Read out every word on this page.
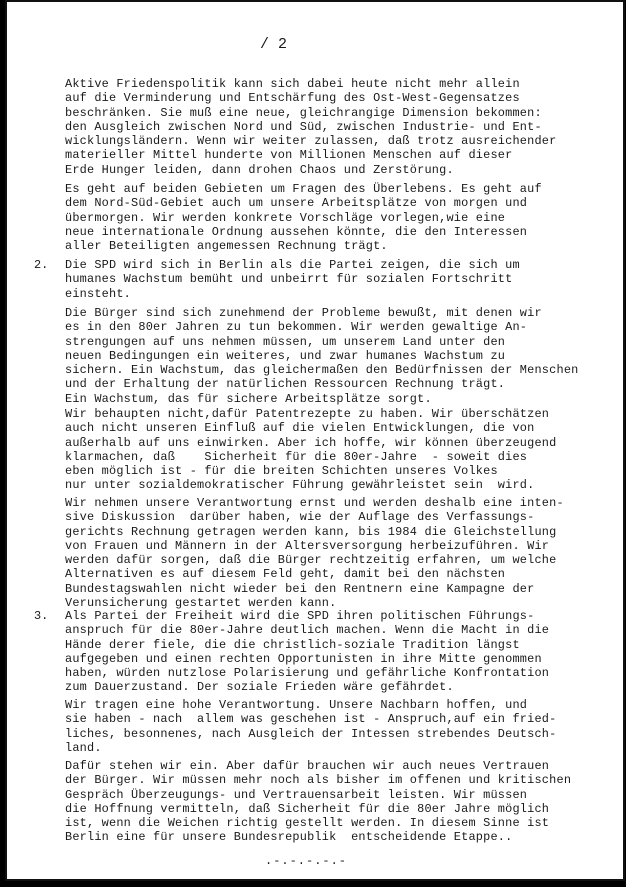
/ 2

Aktive Friedenspolitik kann sich dabei heute nicht mehr allein
auf die Verminderung und Entschärfung des Ost-West-Gegensatzes
beschränken. Sie muß eine neue, gleichrangige Dimension bekommen:
den Ausgleich zwischen Nord und Süd, zwischen Industrie- und Ent-
wicklungsländern. Wenn wir weiter zulassen, daß trotz ausreichender
materieller Mittel hunderte von Millionen Menschen auf dieser
Erde Hunger leiden, dann drohen Chaos und Zerstörung.

Es geht auf beiden Gebieten um Fragen des Überlebens. Es geht auf
dem Nord-Süd-Gebiet auch um unsere Arbeitsplätze von morgen und
übermorgen. Wir werden konkrete Vorschläge vorlegen,wie eine
neue internationale Ordnung aussehen könnte, die den Interessen
aller Beteiligten angemessen Rechnung trägt.

2. Die SPD wird sich in Berlin als die Partei zeigen, die sich um
humanes Wachstum bemüht und unbeirrt für sozialen Fortschritt
einsteht.

Die Bürger sind sich zunehmend der Probleme bewußt, mit denen wir
es in den 80er Jahren zu tun bekommen. Wir werden gewaltige An-
strengungen auf uns nehmen müssen, um unserem Land unter den
neuen Bedingungen ein weiteres, und zwar humanes Wachstum zu
sichern. Ein Wachstum, das gleichermaßen den Bedürfnissen der Menschen
und der Erhaltung der natürlichen Ressourcen Rechnung trägt.
Ein Wachstum, das für sichere Arbeitsplätze sorgt.

Wir behaupten nicht,dafür Patentrezepte zu haben. Wir überschätzen
auch nicht unseren Einfluß auf die vielen Entwicklungen, die von
außerhalb auf uns einwirken. Aber ich hoffe, wir können überzeugend
klarmachen, daß    Sicherheit für die 80er-Jahre  - soweit dies
eben möglich ist - für die breiten Schichten unseres Volkes
nur unter sozialdemokratischer Führung gewährleistet sein  wird.

Wir nehmen unsere Verantwortung ernst und werden deshalb eine inten-
sive Diskussion  darüber haben, wie der Auflage des Verfassungs-
gerichts Rechnung getragen werden kann, bis 1984 die Gleichstellung
von Frauen und Männern in der Altersversorgung herbeizuführen. Wir
werden dafür sorgen, daß die Bürger rechtzeitig erfahren, um welche
Alternativen es auf diesem Feld geht, damit bei den nächsten
Bundestagswahlen nicht wieder bei den Rentnern eine Kampagne der
Verunsicherung gestartet werden kann.

3. Als Partei der Freiheit wird die SPD ihren politischen Führungs-
anspruch für die 80er-Jahre deutlich machen. Wenn die Macht in die
Hände derer fiele, die die christlich-soziale Tradition längst
aufgegeben und einen rechten Opportunisten in ihre Mitte genommen
haben, würden nutzlose Polarisierung und gefährliche Konfrontation
zum Dauerzustand. Der soziale Frieden wäre gefährdet.

Wir tragen eine hohe Verantwortung. Unsere Nachbarn hoffen, und
sie haben - nach  allem was geschehen ist - Anspruch,auf ein fried-
liches, besonnenes, nach Ausgleich der Intessen strebendes Deutsch-
land.

Dafür stehen wir ein. Aber dafür brauchen wir auch neues Vertrauen
der Bürger. Wir müssen mehr noch als bisher im offenen und kritischen
Gespräch Überzeugungs- und Vertrauensarbeit leisten. Wir müssen
die Hoffnung vermitteln, daß Sicherheit für die 80er Jahre möglich
ist, wenn die Weichen richtig gestellt werden. In diesem Sinne ist
Berlin eine für unsere Bundesrepublik  entscheidende Etappe..

.-.-.-.-.-
